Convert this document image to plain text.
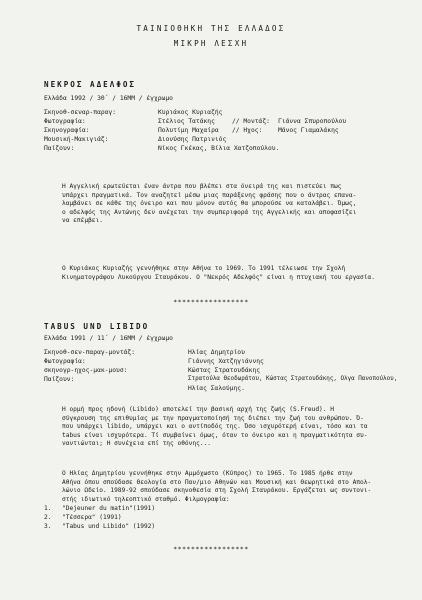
ΤΑΙΝΙΟΘΗΚΗ ΤΗΣ ΕΛΛΑΔΟΣ
ΜΙΚΡΗ ΛΕΣΧΗ
ΝΕΚΡΟΣ ΑΔΕΛΦΟΣ
Ελλάδα 1992 / 30΄ / 16ΜΜ / έγχρωμο
Σκηνοθ-σεναρ-παραγ:	Κυριάκος Κυριαζής
Φωτογραφία:	Στέλιος Τατάκης	// Μοντάζ: Γιάννα Σπυροπούλου
Σκηνογραφία:	Πολυτίμη Μαχαίρα // Ηχος: Μάνος Γιαμαλάκης
Μουσική-Μακιγιάζ:	Διονύσης Πατρινιός
Παίζουν:	Νίκος Γκέκας, Βίλια Χατζοπούλου.
Η Αγγελική ερωτεύεται έναν άντρα που βλέπει στα όνειρά της και πιστεύει πως
υπάρχει πραγματικά. Τον αναζητεί μέσω μιας παράξενης φράσης που ο άντρας επανα-
λαμβάνει σε κάθε της όνειρο και που μόνον αυτός θα μπορούσε να καταλάβει. Όμως,
ο αδελφός της Αντώνης δεν ανέχεται την συμπεριφορά της Αγγελικής και αποφασίζει
να επέμβει.
Ο Κυριάκος Κυριαζής γεννήθηκε στην Αθήνα το 1969. Το 1991 τέλειωσε την Σχολή
Κινηματογράφου Λυκούργου Σταυράκου. Ο "Νεκρός Αδελφός" είναι η πτυχιακή του εργασία.
*****************
TABUS UND LIBIDO
Ελλάδα 1991 / 11΄ / 16ΜΜ / έγχρωμο
Σκηνοθ-σεν-παραγ-μοντάζ:	Ηλίας Δημητρίου
Φωτογραφία:	Γιάννης Χατζηγιάννης
σκηνογρ-ηχος-μακ-μουσ:	Κώστας Στρατουδάκης
Παίζουν:	Στρατούλα Θεοδωράτου, Κώστας Στρατουδάκης, Ολγα Πανοπούλου,
Ηλίας Σαλούμης.
Η ορμή προς ηδονή (Libido) αποτελεί την βασική αρχή της ζωής (S.Freud). Η
σύγκρουση της επιθυμίας με την πραγματοποίησή της διέπει την ζωή του ανθρώπου. Ό-
που υπάρχει libido, υπάρχει και ο αντίποδός της. Όσο ισχυρότερή είναι, τόσο και τα
tabus είναι ισχυρότερα. Τί συμβαίνει όμως, όταν το όνειρο και η πραγματικότητα συ-
ναντιώνται; Η συνέχεια επί της οθόνης...
Ο Ηλίας Δημητρίου γεννήθηκε στην Αμμόχωστο (Κύπρος) το 1965. Το 1985 ήρθε στην
Αθήνα όπου σπούδασε Θεολογία στο Παν/μιο Αθηνών και Μουσική και Θεωρητικά στο Απολ-
λώνιο Ωδείο. 1989-92 σπούδασε σκηνοθεσία στη Σχολή Σταυράκου. Εργάζεται ως συντονι-
στής ιδιωτικό τηλεοπτικό σταθμό. Φιλμογραφία:
1. "Dejeuner du matin"(1991)
2. "Τέσσερα" (1991)
3. "Tabus und Libido" (1992)
*****************
